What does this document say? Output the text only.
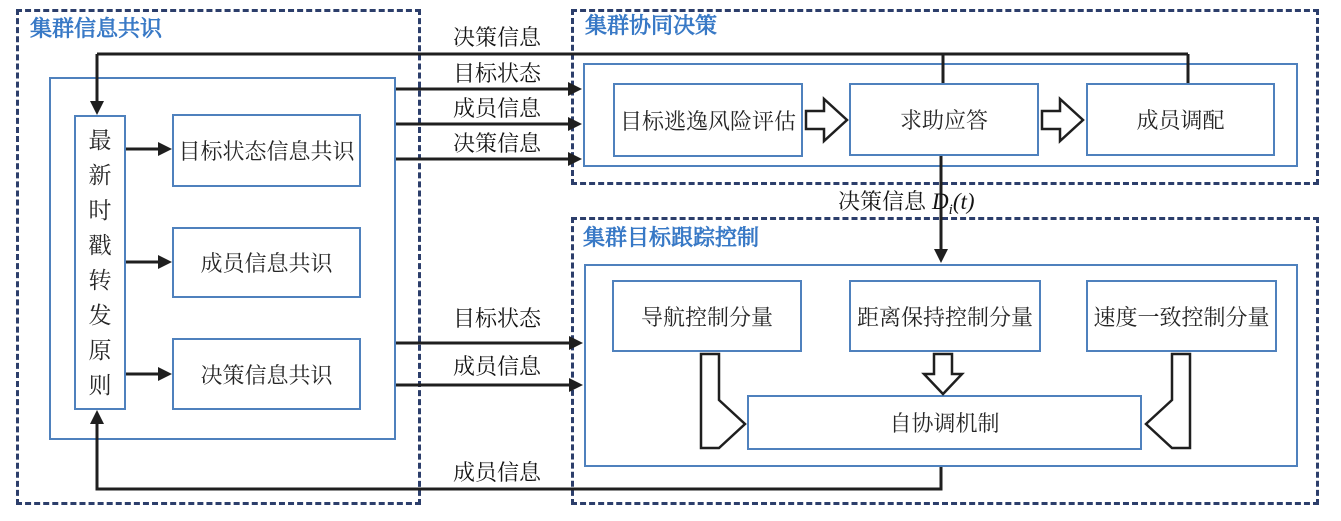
集群信息共识	集群协同决策
集群目标跟踪控制
最新时戳转发原则
目标状态信息共识
成员信息共识
决策信息共识
目标逃逸风险评估	求助应答	成员调配
导航控制分量	距离保持控制分量	速度一致控制分量
自协调机制
决策信息
目标状态
成员信息
决策信息
目标状态
成员信息
成员信息
决策信息 D i (t)
